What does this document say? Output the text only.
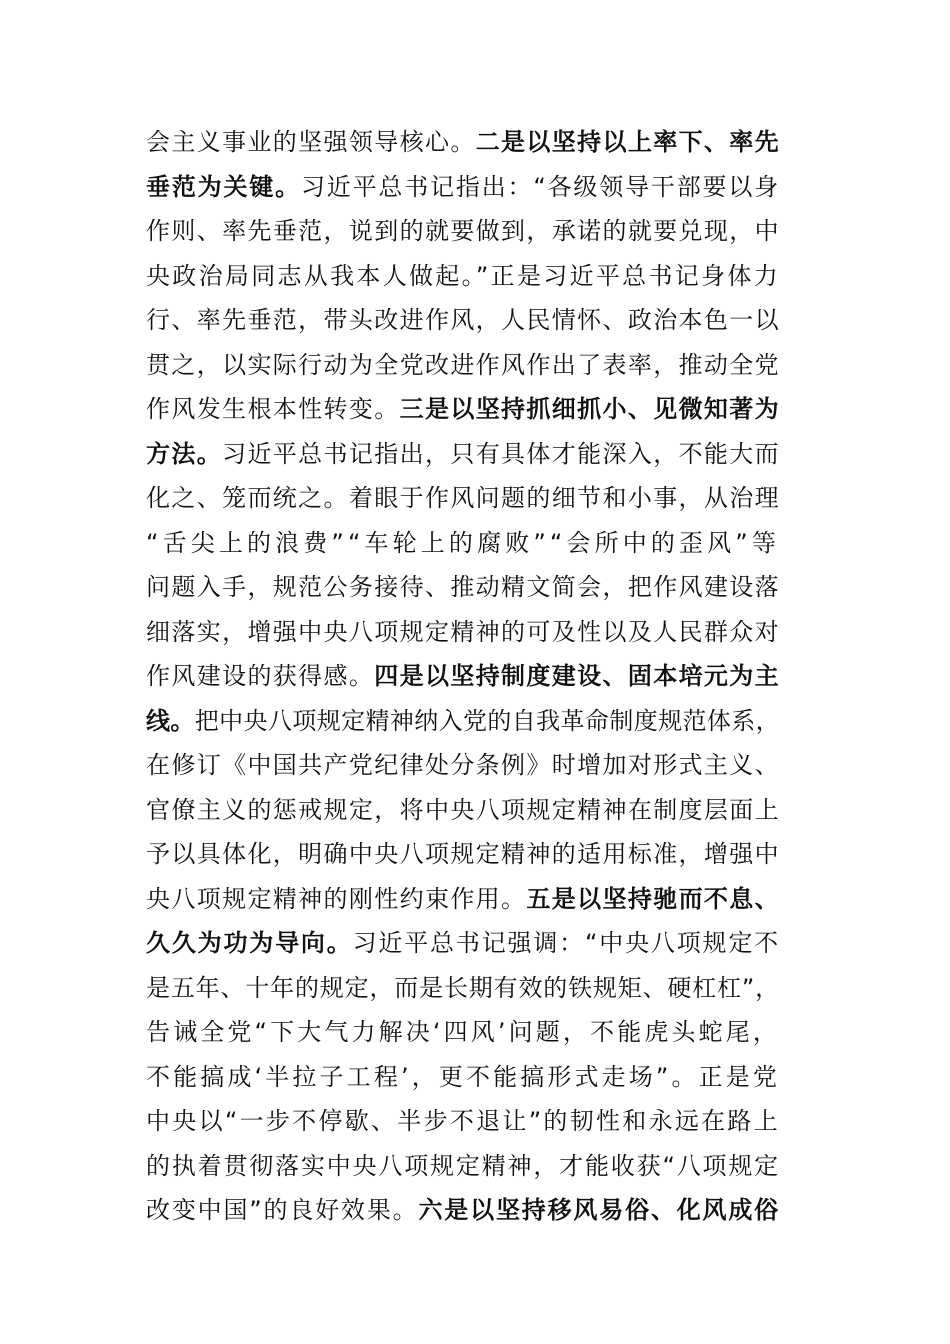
会主义事业的坚强领导核心。二是以坚持以上率下、率先
垂范为关键。习近平总书记指出：“各级领导干部要以身
作则、率先垂范，说到的就要做到，承诺的就要兑现，中
央政治局同志从我本人做起。”正是习近平总书记身体力
行、率先垂范，带头改进作风，人民情怀、政治本色一以
贯之，以实际行动为全党改进作风作出了表率，推动全党
作风发生根本性转变。三是以坚持抓细抓小、见微知著为
方法。习近平总书记指出，只有具体才能深入，不能大而
化之、笼而统之。着眼于作风问题的细节和小事，从治理
“舌尖上的浪费”“车轮上的腐败”“会所中的歪风”等
问题入手，规范公务接待、推动精文简会，把作风建设落
细落实，增强中央八项规定精神的可及性以及人民群众对
作风建设的获得感。四是以坚持制度建设、固本培元为主
线。把中央八项规定精神纳入党的自我革命制度规范体系，
在修订《中国共产党纪律处分条例》时增加对形式主义、
官僚主义的惩戒规定，将中央八项规定精神在制度层面上
予以具体化，明确中央八项规定精神的适用标准，增强中
央八项规定精神的刚性约束作用。五是以坚持驰而不息、
久久为功为导向。习近平总书记强调：“中央八项规定不
是五年、十年的规定，而是长期有效的铁规矩、硬杠杠”，
告诫全党“下大气力解决‘四风’问题，不能虎头蛇尾，
不能搞成‘半拉子工程’，更不能搞形式走场”。正是党
中央以“一步不停歇、半步不退让”的韧性和永远在路上
的执着贯彻落实中央八项规定精神，才能收获“八项规定
改变中国”的良好效果。六是以坚持移风易俗、化风成俗
